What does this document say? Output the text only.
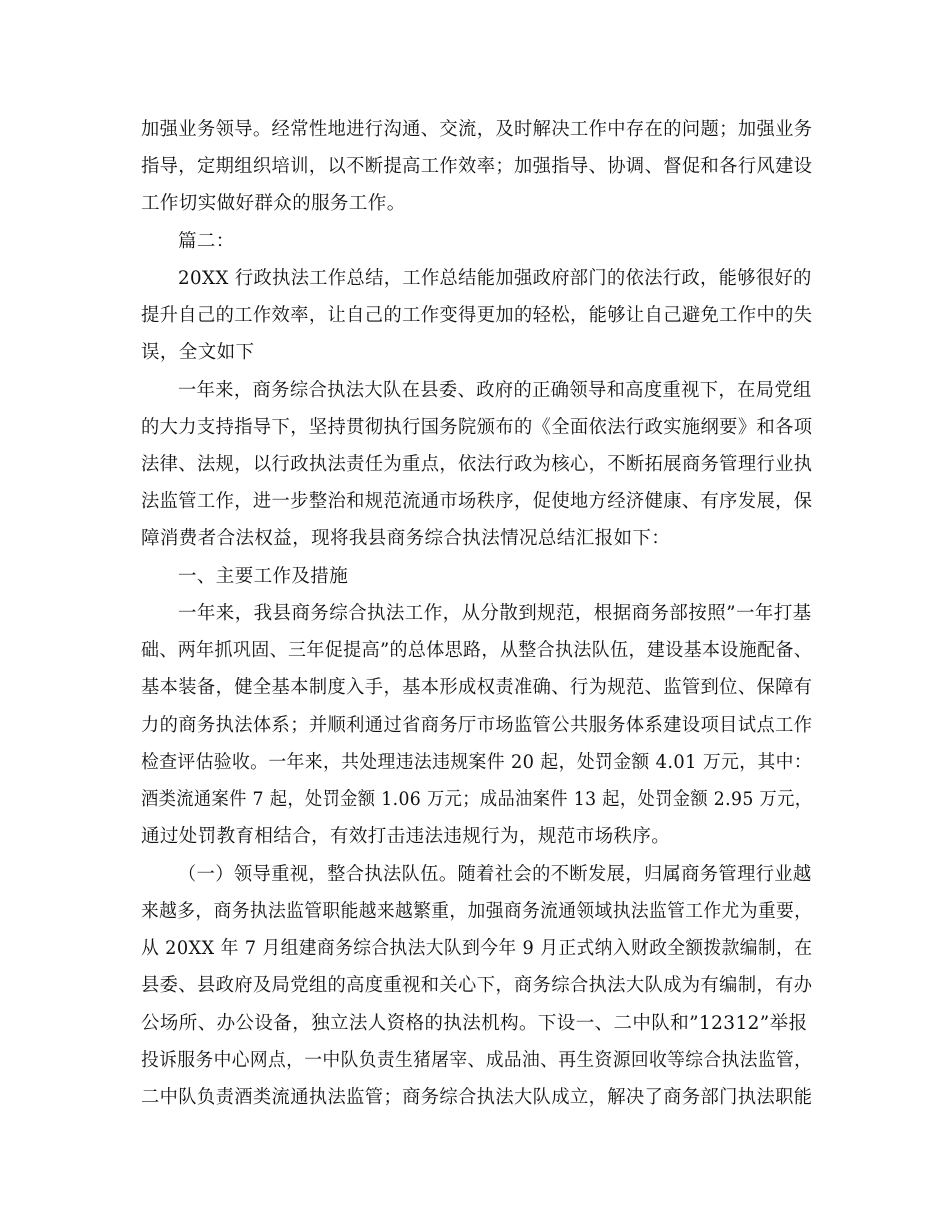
加强业务领导。经常性地进行沟通、交流，及时解决工作中存在的问题；加强业务
指导，定期组织培训，以不断提高工作效率；加强指导、协调、督促和各行风建设
工作切实做好群众的服务工作。
篇二：
20XX 行政执法工作总结，工作总结能加强政府部门的依法行政，能够很好的
提升自己的工作效率，让自己的工作变得更加的轻松，能够让自己避免工作中的失
误，全文如下
一年来，商务综合执法大队在县委、政府的正确领导和高度重视下，在局党组
的大力支持指导下，坚持贯彻执行国务院颁布的《全面依法行政实施纲要》和各项
法律、法规，以行政执法责任为重点，依法行政为核心，不断拓展商务管理行业执
法监管工作，进一步整治和规范流通市场秩序，促使地方经济健康、有序发展，保
障消费者合法权益，现将我县商务综合执法情况总结汇报如下：
一、主要工作及措施
一年来，我县商务综合执法工作，从分散到规范，根据商务部按照”一年打基
础、两年抓巩固、三年促提高”的总体思路，从整合执法队伍，建设基本设施配备、
基本装备，健全基本制度入手，基本形成权责准确、行为规范、监管到位、保障有
力的商务执法体系；并顺利通过省商务厅市场监管公共服务体系建设项目试点工作
检查评估验收。一年来，共处理违法违规案件 20 起，处罚金额 4.01 万元，其中：
酒类流通案件 7 起，处罚金额 1.06 万元；成品油案件 13 起，处罚金额 2.95 万元，
通过处罚教育相结合，有效打击违法违规行为，规范市场秩序。
（一）领导重视，整合执法队伍。随着社会的不断发展，归属商务管理行业越
来越多，商务执法监管职能越来越繁重，加强商务流通领域执法监管工作尤为重要，
从 20XX 年 7 月组建商务综合执法大队到今年 9 月正式纳入财政全额拨款编制，在
县委、县政府及局党组的高度重视和关心下，商务综合执法大队成为有编制，有办
公场所、办公设备，独立法人资格的执法机构。下设一、二中队和”12312”举报
投诉服务中心网点，一中队负责生猪屠宰、成品油、再生资源回收等综合执法监管，
二中队负责酒类流通执法监管；商务综合执法大队成立，解决了商务部门执法职能
